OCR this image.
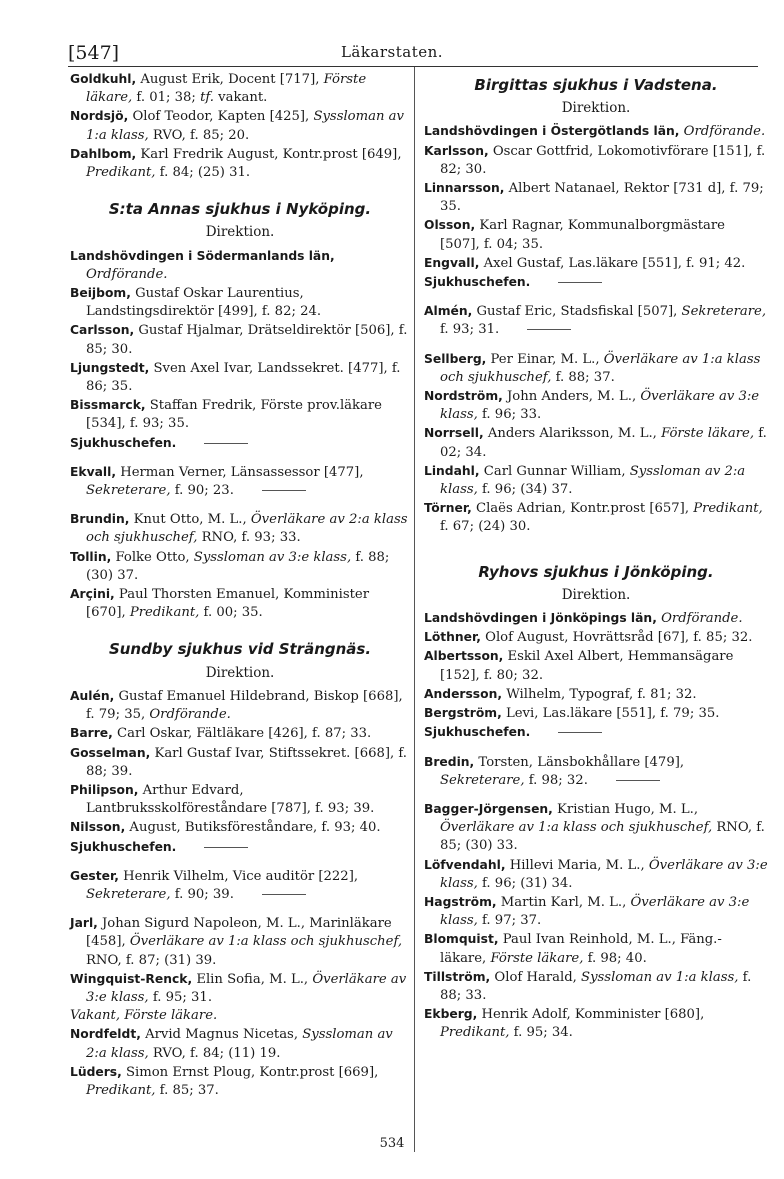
[547]	Läkarstaten.

Goldkuhl, August Erik, Docent [717], Förste läkare, f. 01; 38; tf. vakant.

Nordsjö, Olof Teodor, Kapten [425], Syssloman av 1:a klass, RVO, f. 85; 20.

Dahlbom, Karl Fredrik August, Kontr.prost [649], Predikant, f. 84; (25) 31.

S:ta Annas sjukhus i Nyköping.
Direktion.

Landshövdingen i Södermanlands län, Ordförande.

Beijbom, Gustaf Oskar Laurentius, Landstingsdirektör [499], f. 82; 24.

Carlsson, Gustaf Hjalmar, Drätseldirektör [506], f. 85; 30.

Ljungstedt, Sven Axel Ivar, Landssekret. [477], f. 86; 35.

Bissmarck, Staffan Fredrik, Förste prov.läkare [534], f. 93; 35.

Sjukhuschefen.

Ekvall, Herman Verner, Länsassessor [477], Sekreterare, f. 90; 23.

Brundin, Knut Otto, M. L., Överläkare av 2:a klass och sjukhuschef, RNO, f. 93; 33.

Tollin, Folke Otto, Syssloman av 3:e klass, f. 88; (30) 37.

Arçini, Paul Thorsten Emanuel, Komminister [670], Predikant, f. 00; 35.

Sundby sjukhus vid Strängnäs.
Direktion.

Aulén, Gustaf Emanuel Hildebrand, Biskop [668], f. 79; 35, Ordförande.

Barre, Carl Oskar, Fältläkare [426], f. 87; 33.

Gosselman, Karl Gustaf Ivar, Stiftssekret. [668], f. 88; 39.

Philipson, Arthur Edvard, Lantbruksskolföreståndare [787], f. 93; 39.

Nilsson, August, Butiksföreståndare, f. 93; 40.

Sjukhuschefen.

Gester, Henrik Vilhelm, Vice auditör [222], Sekreterare, f. 90; 39.

Jarl, Johan Sigurd Napoleon, M. L., Marinläkare [458], Överläkare av 1:a klass och sjukhuschef, RNO, f. 87; (31) 39.

Wingquist-Renck, Elin Sofia, M. L., Överläkare av 3:e klass, f. 95; 31.

Vakant, Förste läkare.

Nordfeldt, Arvid Magnus Nicetas, Syssloman av 2:a klass, RVO, f. 84; (11) 19.

Lüders, Simon Ernst Ploug, Kontr.prost [669], Predikant, f. 85; 37.

Birgittas sjukhus i Vadstena.
Direktion.

Landshövdingen i Östergötlands län, Ordförande.

Karlsson, Oscar Gottfrid, Lokomotivförare [151], f. 82; 30.

Linnarsson, Albert Natanael, Rektor [731 d], f. 79; 35.

Olsson, Karl Ragnar, Kommunalborgmästare [507], f. 04; 35.

Engvall, Axel Gustaf, Las.läkare [551], f. 91; 42.

Sjukhuschefen.

Almén, Gustaf Eric, Stadsfiskal [507], Sekreterare, f. 93; 31.

Sellberg, Per Einar, M. L., Överläkare av 1:a klass och sjukhuschef, f. 88; 37.

Nordström, John Anders, M. L., Överläkare av 3:e klass, f. 96; 33.

Norrsell, Anders Alariksson, M. L., Förste läkare, f. 02; 34.

Lindahl, Carl Gunnar William, Syssloman av 2:a klass, f. 96; (34) 37.

Törner, Claës Adrian, Kontr.prost [657], Predikant, f. 67; (24) 30.

Ryhovs sjukhus i Jönköping.
Direktion.

Landshövdingen i Jönköpings län, Ordförande.

Löthner, Olof August, Hovrättsråd [67], f. 85; 32.

Albertsson, Eskil Axel Albert, Hemmansägare [152], f. 80; 32.

Andersson, Wilhelm, Typograf, f. 81; 32.

Bergström, Levi, Las.läkare [551], f. 79; 35.

Sjukhuschefen.

Bredin, Torsten, Länsbokhållare [479], Sekreterare, f. 98; 32.

Bagger-Jörgensen, Kristian Hugo, M. L., Överläkare av 1:a klass och sjukhuschef, RNO, f. 85; (30) 33.

Löfvendahl, Hillevi Maria, M. L., Överläkare av 3:e klass, f. 96; (31) 34.

Hagström, Martin Karl, M. L., Överläkare av 3:e klass, f. 97; 37.

Blomquist, Paul Ivan Reinhold, M. L., Fäng.-läkare, Förste läkare, f. 98; 40.

Tillström, Olof Harald, Syssloman av 1:a klass, f. 88; 33.

Ekberg, Henrik Adolf, Komminister [680], Predikant, f. 95; 34.

534
